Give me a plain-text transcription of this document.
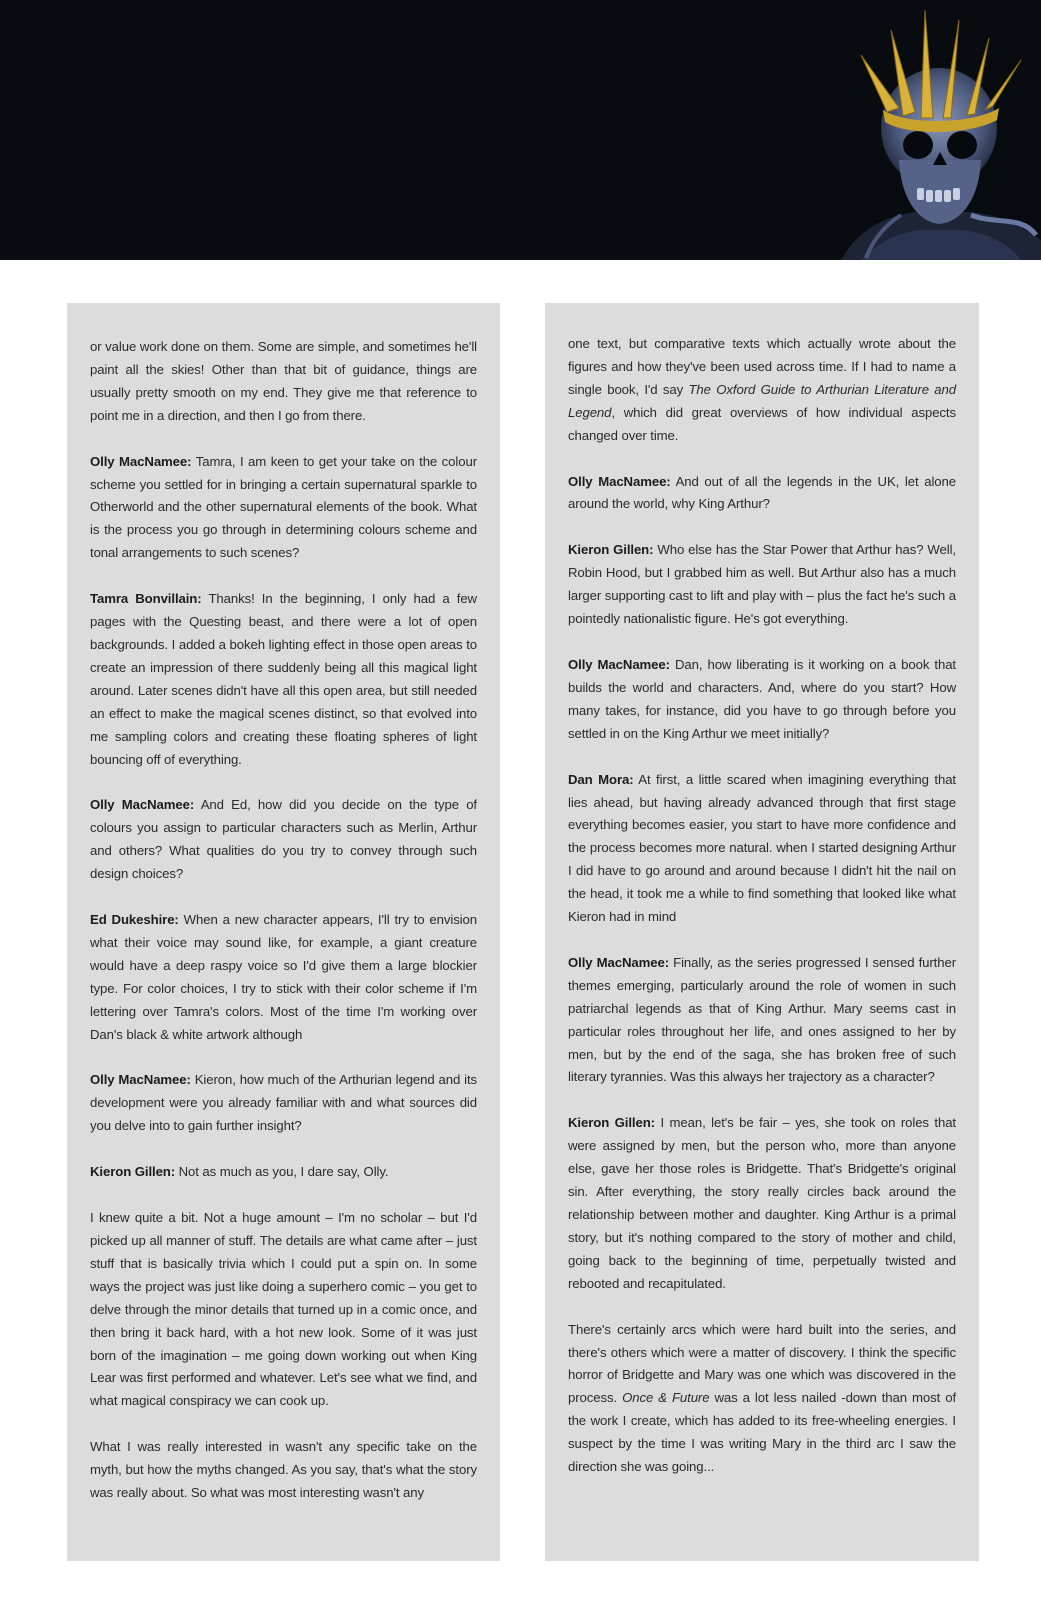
or value work done on them. Some are simple, and sometimes he'll paint all the skies! Other than that bit of guidance, things are usually pretty smooth on my end. They give me that reference to point me in a direction, and then I go from there.

Olly MacNamee: Tamra, I am keen to get your take on the colour scheme you settled for in bringing a certain supernatural sparkle to Otherworld and the other supernatural elements of the book. What is the process you go through in determining colours scheme and tonal arrangements to such scenes?

Tamra Bonvillain: Thanks! In the beginning, I only had a few pages with the Questing beast, and there were a lot of open backgrounds. I added a bokeh lighting effect in those open areas to create an impression of there suddenly being all this magical light around. Later scenes didn't have all this open area, but still needed an effect to make the magical scenes distinct, so that evolved into me sampling colors and creating these floating spheres of light bouncing off of everything.

Olly MacNamee: And Ed, how did you decide on the type of colours you assign to particular characters such as Merlin, Arthur and others? What qualities do you try to convey through such design choices?

Ed Dukeshire: When a new character appears, I'll try to envision what their voice may sound like, for example, a giant creature would have a deep raspy voice so I'd give them a large blockier type. For color choices, I try to stick with their color scheme if I'm lettering over Tamra's colors. Most of the time I'm working over Dan's black & white artwork although

Olly MacNamee: Kieron, how much of the Arthurian legend and its development were you already familiar with and what sources did you delve into to gain further insight?

Kieron Gillen: Not as much as you, I dare say, Olly.

I knew quite a bit. Not a huge amount – I'm no scholar – but I'd picked up all manner of stuff. The details are what came after – just stuff that is basically trivia which I could put a spin on. In some ways the project was just like doing a superhero comic – you get to delve through the minor details that turned up in a comic once, and then bring it back hard, with a hot new look. Some of it was just born of the imagination – me going down working out when King Lear was first performed and whatever. Let's see what we find, and what magical conspiracy we can cook up.

What I was really interested in wasn't any specific take on the myth, but how the myths changed. As you say, that's what the story was really about. So what was most interesting wasn't any

one text, but comparative texts which actually wrote about the figures and how they've been used across time. If I had to name a single book, I'd say The Oxford Guide to Arthurian Literature and Legend, which did great overviews of how individual aspects changed over time.

Olly MacNamee: And out of all the legends in the UK, let alone around the world, why King Arthur?

Kieron Gillen: Who else has the Star Power that Arthur has? Well, Robin Hood, but I grabbed him as well. But Arthur also has a much larger supporting cast to lift and play with – plus the fact he's such a pointedly nationalistic figure. He's got everything.

Olly MacNamee: Dan, how liberating is it working on a book that builds the world and characters. And, where do you start? How many takes, for instance, did you have to go through before you settled in on the King Arthur we meet initially?

Dan Mora: At first, a little scared when imagining everything that lies ahead, but having already advanced through that first stage everything becomes easier, you start to have more confidence and the process becomes more natural. when I started designing Arthur I did have to go around and around because I didn't hit the nail on the head, it took me a while to find something that looked like what Kieron had in mind

Olly MacNamee: Finally, as the series progressed I sensed further themes emerging, particularly around the role of women in such patriarchal legends as that of King Arthur. Mary seems cast in particular roles throughout her life, and ones assigned to her by men, but by the end of the saga, she has broken free of such literary tyrannies. Was this always her trajectory as a character?

Kieron Gillen: I mean, let's be fair – yes, she took on roles that were assigned by men, but the person who, more than anyone else, gave her those roles is Bridgette. That's Bridgette's original sin. After everything, the story really circles back around the relationship between mother and daughter. King Arthur is a primal story, but it's nothing compared to the story of mother and child, going back to the beginning of time, perpetually twisted and rebooted and recapitulated.

There's certainly arcs which were hard built into the series, and there's others which were a matter of discovery. I think the specific horror of Bridgette and Mary was one which was discovered in the process. Once & Future was a lot less nailed -down than most of the work I create, which has added to its free-wheeling energies. I suspect by the time I was writing Mary in the third arc I saw the direction she was going...
